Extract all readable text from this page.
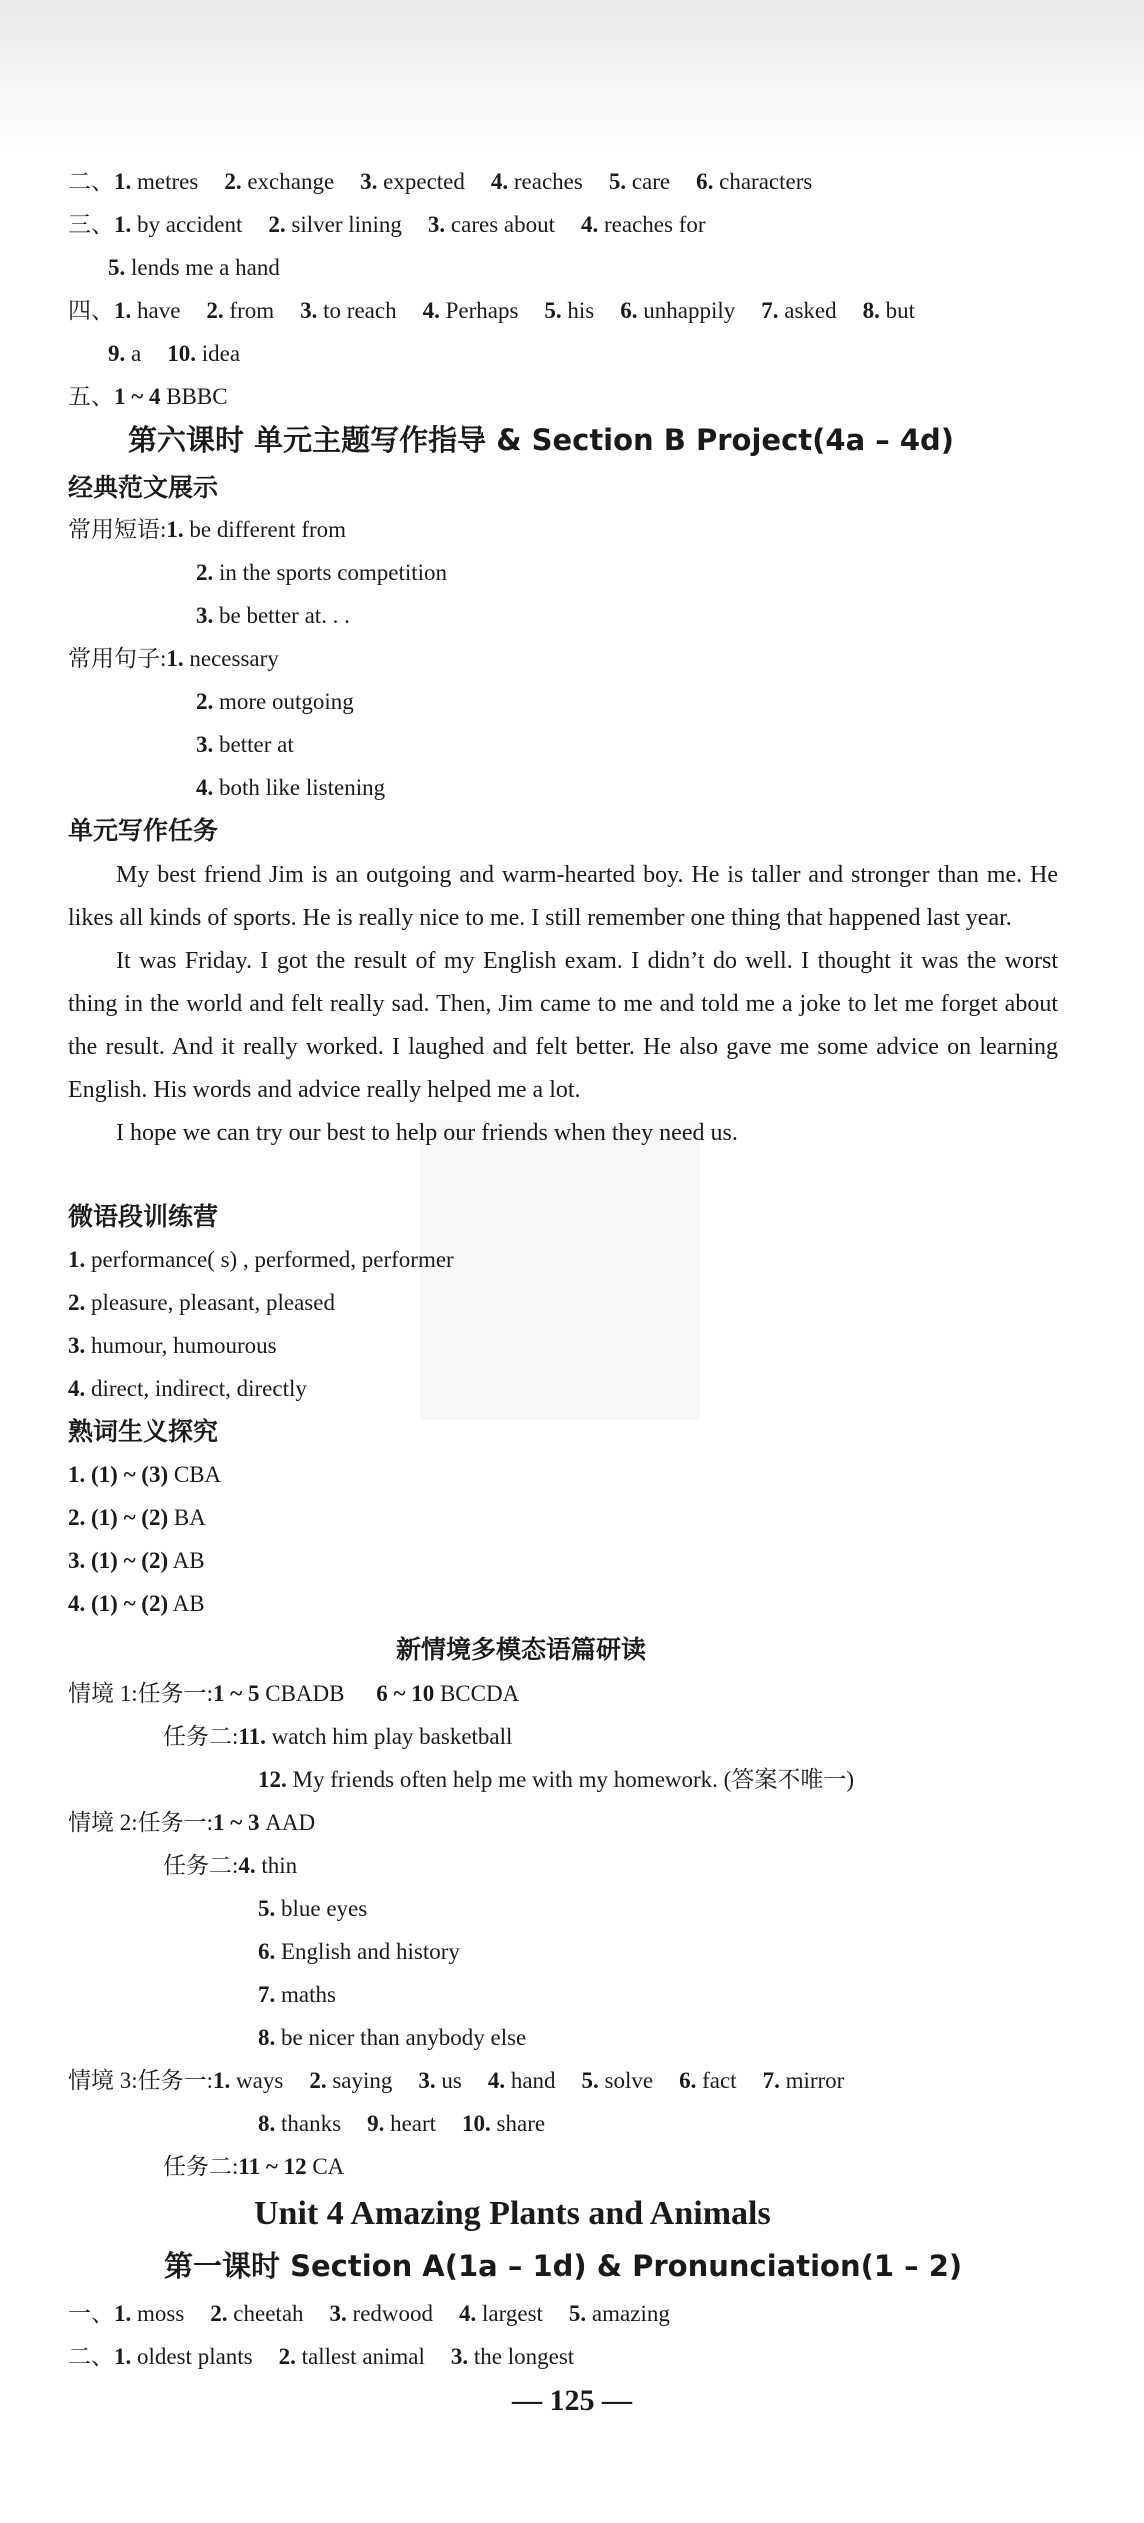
二、1. metres 2. exchange 3. expected 4. reaches 5. care 6. characters
三、1. by accident 2. silver lining 3. cares about 4. reaches for
5. lends me a hand
四、1. have 2. from 3. to reach 4. Perhaps 5. his 6. unhappily 7. asked 8. but
9. a 10. idea
五、1 ~ 4 BBBC
第六课时 单元主题写作指导 & Section B Project(4a – 4d)
经典范文展示
常用短语:1. be different from
2. in the sports competition
3. be better at. . .
常用句子:1. necessary
2. more outgoing
3. better at
4. both like listening
单元写作任务

My best friend Jim is an outgoing and warm-hearted boy. He is taller and stronger than me. He likes all kinds of sports. He is really nice to me. I still remember one thing that happened last year.

It was Friday. I got the result of my English exam. I didn’t do well. I thought it was the worst thing in the world and felt really sad. Then, Jim came to me and told me a joke to let me forget about the result. And it really worked. I laughed and felt better. He also gave me some advice on learning English. His words and advice really helped me a lot.

I hope we can try our best to help our friends when they need us.

微语段训练营
1. performance( s) , performed, performer
2. pleasure, pleasant, pleased
3. humour, humourous
4. direct, indirect, directly
熟词生义探究
1. (1) ~ (3) CBA
2. (1) ~ (2) BA
3. (1) ~ (2) AB
4. (1) ~ (2) AB
新情境多模态语篇研读
情境 1:任务一:1 ~ 5 CBADB 6 ~ 10 BCCDA
任务二:11. watch him play basketball
12. My friends often help me with my homework. (答案不唯一)
情境 2:任务一:1 ~ 3 AAD
任务二:4. thin
5. blue eyes
6. English and history
7. maths
8. be nicer than anybody else
情境 3:任务一:1. ways 2. saying 3. us 4. hand 5. solve 6. fact 7. mirror
8. thanks 9. heart 10. share
任务二:11 ~ 12 CA
Unit 4 Amazing Plants and Animals
第一课时 Section A(1a – 1d) & Pronunciation(1 – 2)
一、1. moss 2. cheetah 3. redwood 4. largest 5. amazing
二、1. oldest plants 2. tallest animal 3. the longest
— 125 —
